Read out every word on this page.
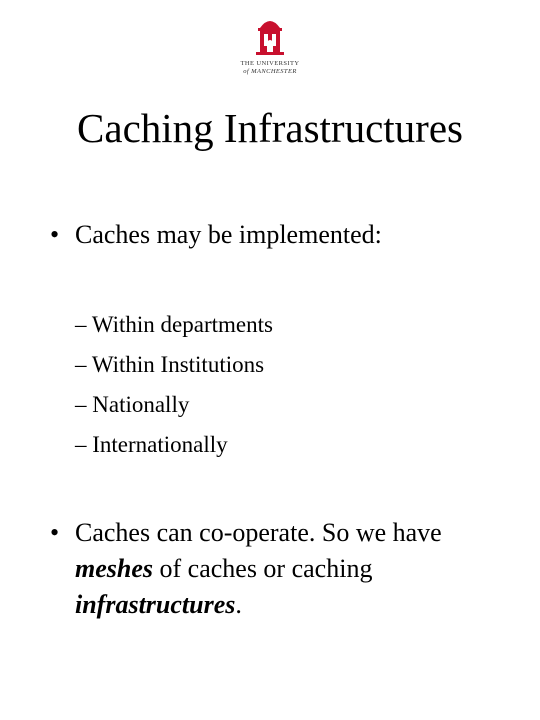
THE UNIVERSITY
of MANCHESTER
Caching Infrastructures
• Caches may be implemented:
– Within departments
– Within Institutions
– Nationally
– Internationally
• Caches can co-operate. So we have meshes of caches or caching infrastructures.
